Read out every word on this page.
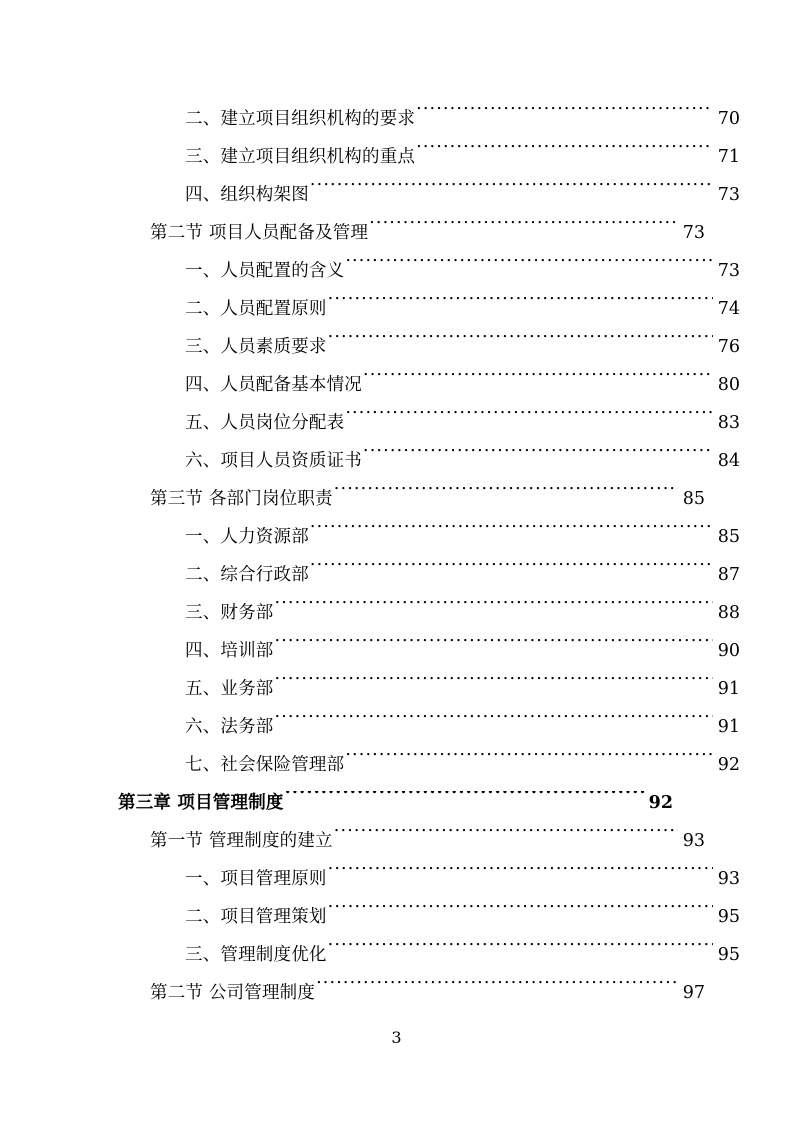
二、建立项目组织机构的要求 .....	70
三、建立项目组织机构的重点 .....	71
四、组织构架图 .....	73
第二节 项目人员配备及管理 .....	73
一、人员配置的含义 .....	73
二、人员配置原则 .....	74
三、人员素质要求 .....	76
四、人员配备基本情况 .....	80
五、人员岗位分配表 .....	83
六、项目人员资质证书 .....	84
第三节 各部门岗位职责 .....	85
一、人力资源部 .....	85
二、综合行政部 .....	87
三、财务部 .....	88
四、培训部 .....	90
五、业务部 .....	91
六、法务部 .....	91
七、社会保险管理部 .....	92
第三章 项目管理制度 .....	92
第一节 管理制度的建立 .....	93
一、项目管理原则 .....	93
二、项目管理策划 .....	95
三、管理制度优化 .....	95
第二节 公司管理制度 .....	97
3
